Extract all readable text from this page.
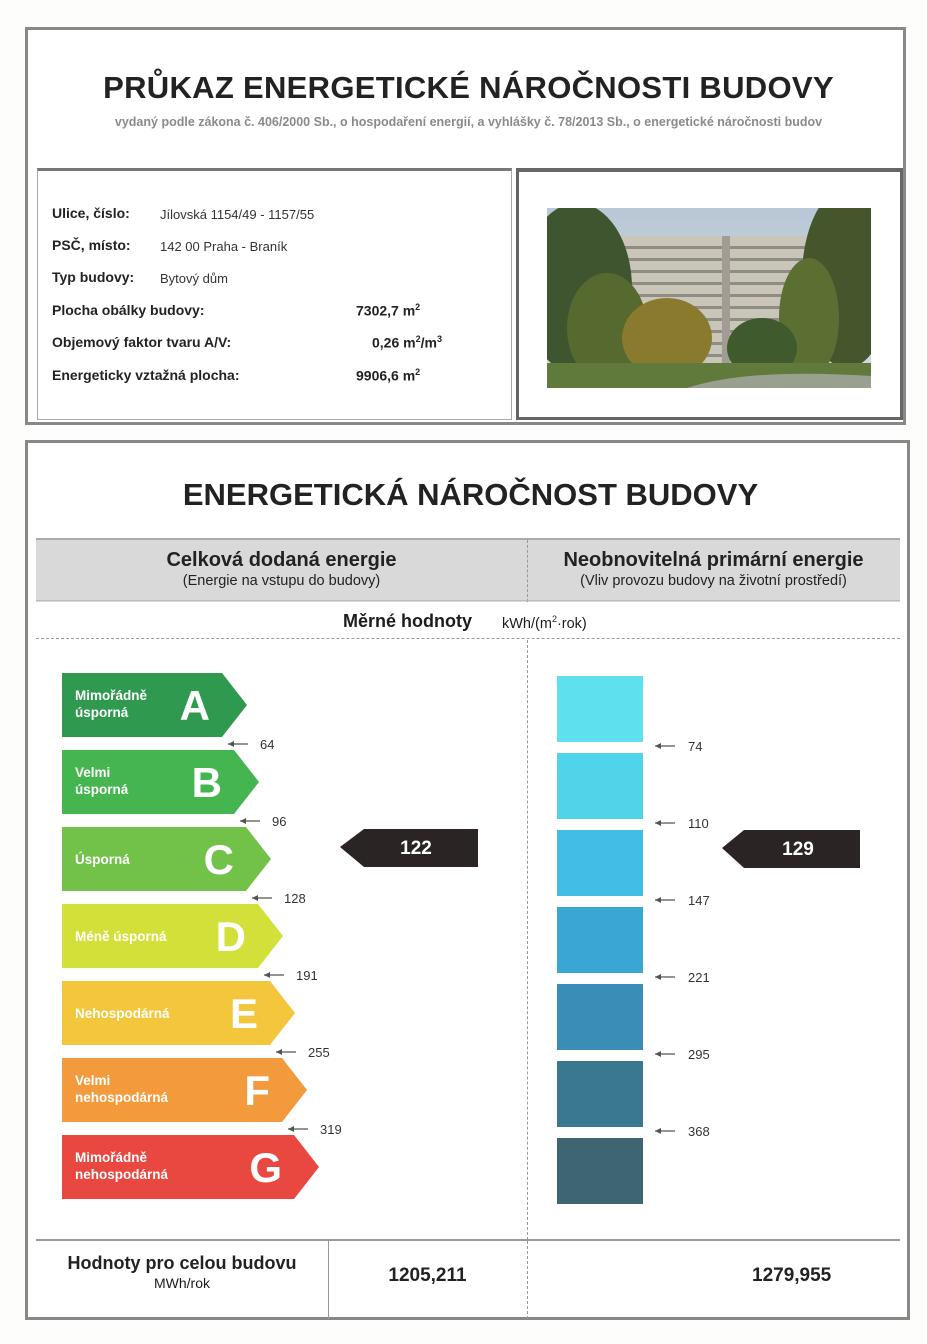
PRŮKAZ ENERGETICKÉ NÁROČNOSTI BUDOVY
vydaný podle zákona č. 406/2000 Sb., o hospodaření energií, a vyhlášky č. 78/2013 Sb., o energetické náročnosti budov
Ulice, číslo: Jílovská 1154/49 - 1157/55
PSČ, místo: 142 00 Praha - Braník
Typ budovy: Bytový dům
Plocha obálky budovy:	7302,7 $m^2$
Objemový faktor tvaru A/V:	0,26 $m^2/m^3$
Energeticky vztažná plocha:	9906,6 $m^2$
ENERGETICKÁ NÁROČNOST BUDOVY
Celková dodaná energie
(Energie na vstupu do budovy)
Neobnovitelná primární energie
(Vliv provozu budovy na životní prostředí)
Měrné hodnoty kWh/$(m^2\cdot rok)$
Mimořádně
úsporná A
Velmi
úsporná B
Úsporná C
Méně úsporná D
Nehospodárná E
Velmi
nehospodárná F
Mimořádně
nehospodárná G
64
96
128
191
255
319
122
74
110
147
221
295
368
129
Hodnoty pro celou budovu
MWh/rok	1205,211	1279,955
